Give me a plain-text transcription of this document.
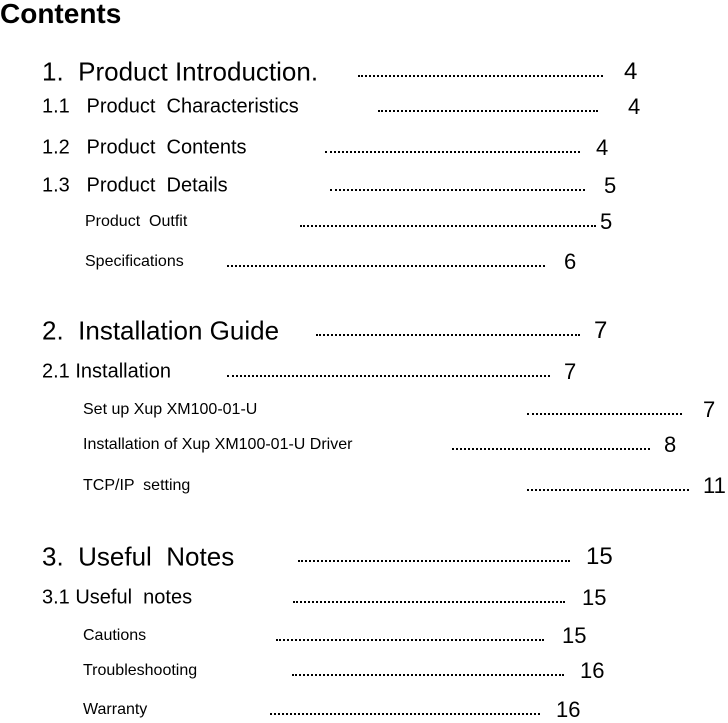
Contents
1.  Product Introduction.	4
1.1   Product  Characteristics	4
1.2   Product  Contents	4
1.3   Product  Details	5
Product  Outfit	5
Specifications	6
2.  Installation Guide	7
2.1 Installation	7
Set up Xup XM100-01-U	7
Installation of Xup XM100-01-U Driver	8
TCP/IP  setting	11
3.  Useful  Notes	15
3.1 Useful  notes	15
Cautions	15
Troubleshooting	16
Warranty	16
